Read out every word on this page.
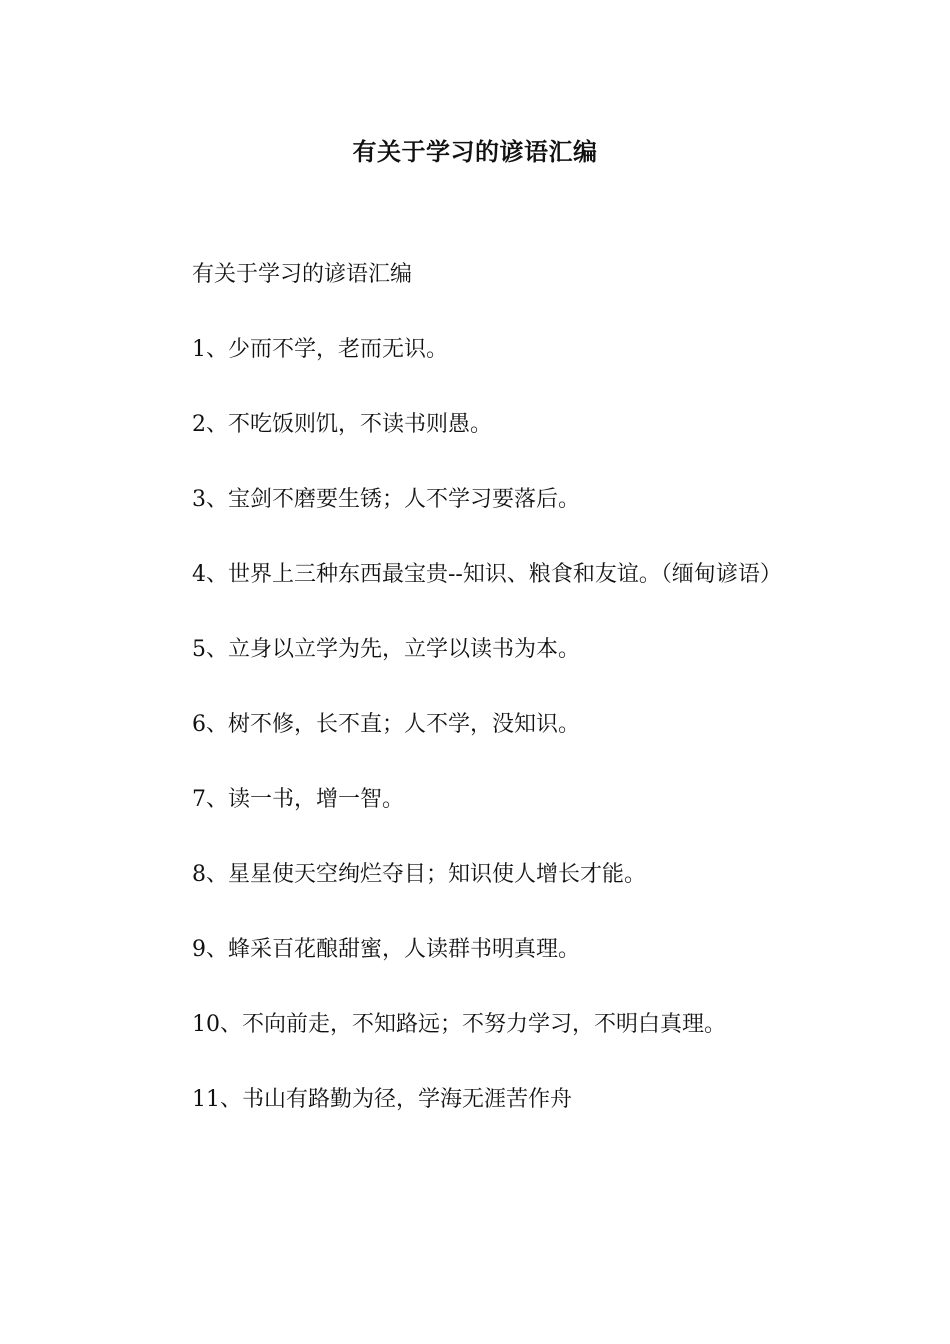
有关于学习的谚语汇编

有关于学习的谚语汇编

1、少而不学，老而无识。

2、不吃饭则饥，不读书则愚。

3、宝剑不磨要生锈；人不学习要落后。

4、世界上三种东西最宝贵--知识、粮食和友谊。（缅甸谚语）

5、立身以立学为先，立学以读书为本。

6、树不修，长不直；人不学，没知识。

7、读一书，增一智。

8、星星使天空绚烂夺目；知识使人增长才能。

9、蜂采百花酿甜蜜，人读群书明真理。

10、不向前走，不知路远；不努力学习，不明白真理。

11、书山有路勤为径，学海无涯苦作舟
